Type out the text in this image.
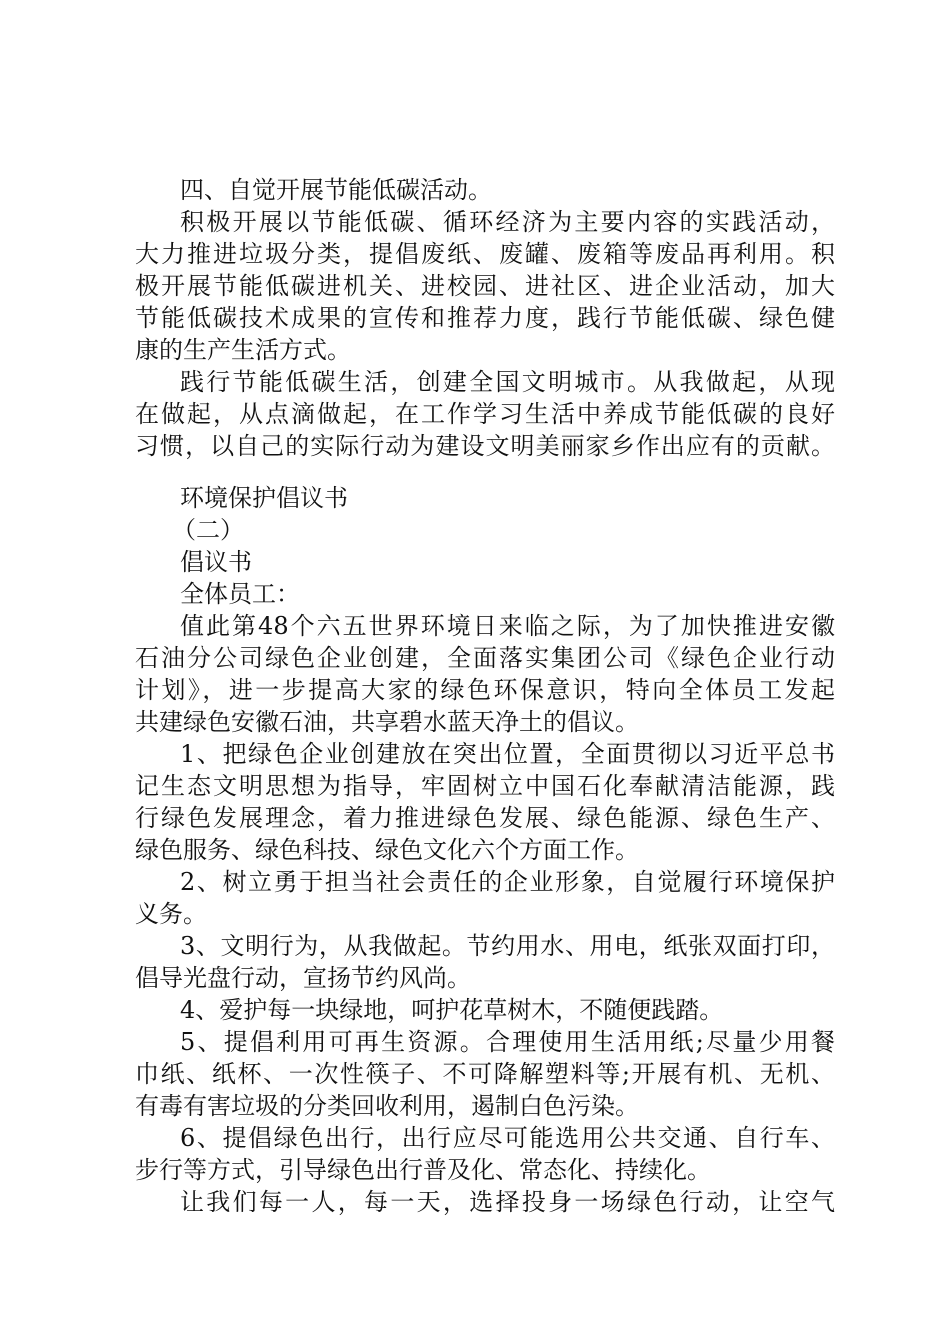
四、自觉开展节能低碳活动。
积极开展以节能低碳、循环经济为主要内容的实践活动，
大力推进垃圾分类，提倡废纸、废罐、废箱等废品再利用。积
极开展节能低碳进机关、进校园、进社区、进企业活动，加大
节能低碳技术成果的宣传和推荐力度，践行节能低碳、绿色健
康的生产生活方式。
践行节能低碳生活，创建全国文明城市。从我做起，从现
在做起，从点滴做起，在工作学习生活中养成节能低碳的良好
习惯，以自己的实际行动为建设文明美丽家乡作出应有的贡献。
环境保护倡议书
（二）
倡议书
全体员工：
值此第48个六五世界环境日来临之际，为了加快推进安徽
石油分公司绿色企业创建，全面落实集团公司《绿色企业行动
计划》，进一步提高大家的绿色环保意识，特向全体员工发起
共建绿色安徽石油，共享碧水蓝天净土的倡议。
1、把绿色企业创建放在突出位置，全面贯彻以习近平总书
记生态文明思想为指导，牢固树立中国石化奉献清洁能源，践
行绿色发展理念，着力推进绿色发展、绿色能源、绿色生产、
绿色服务、绿色科技、绿色文化六个方面工作。
2、树立勇于担当社会责任的企业形象，自觉履行环境保护
义务。
3、文明行为，从我做起。节约用水、用电，纸张双面打印，
倡导光盘行动，宣扬节约风尚。
4、爱护每一块绿地，呵护花草树木，不随便践踏。
5、提倡利用可再生资源。合理使用生活用纸;尽量少用餐
巾纸、纸杯、一次性筷子、不可降解塑料等;开展有机、无机、
有毒有害垃圾的分类回收利用，遏制白色污染。
6、提倡绿色出行，出行应尽可能选用公共交通、自行车、
步行等方式，引导绿色出行普及化、常态化、持续化。
让我们每一人，每一天，选择投身一场绿色行动，让空气
